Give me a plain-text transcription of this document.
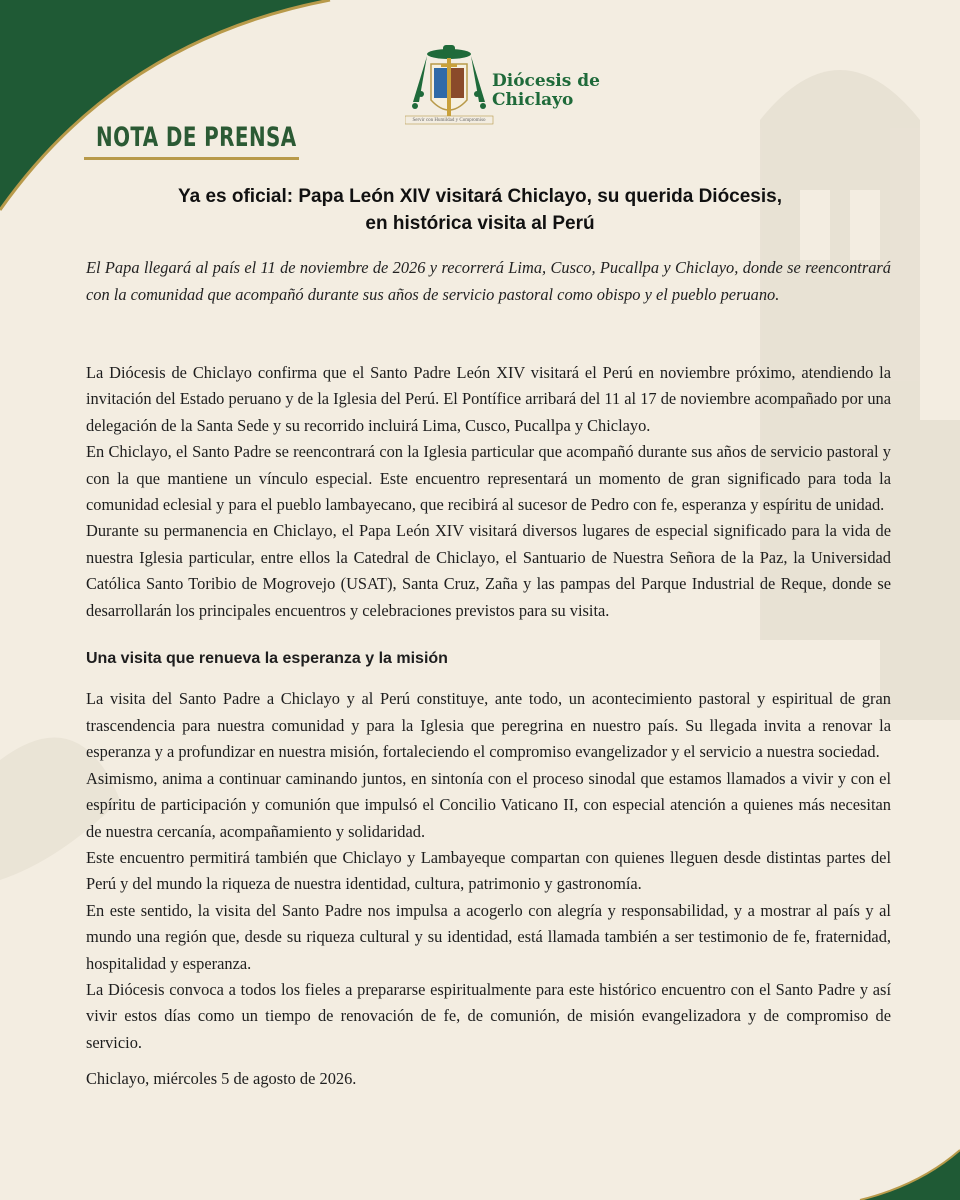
Diócesis de
Chiclayo
Servir con Humildad y Compromiso
NOTA DE PRENSA
Ya es oficial: Papa León XIV visitará Chiclayo, su querida Diócesis,
en histórica visita al Perú
El Papa llegará al país el 11 de noviembre de 2026 y recorrerá Lima, Cusco, Pucallpa y Chiclayo, donde se reencontrará con la comunidad que acompañó durante sus años de servicio pastoral como obispo y el pueblo peruano.

La Diócesis de Chiclayo confirma que el Santo Padre León XIV visitará el Perú en noviembre próximo, atendiendo la invitación del Estado peruano y de la Iglesia del Perú. El Pontífice arribará del 11 al 17 de noviembre acompañado por una delegación de la Santa Sede y su recorrido incluirá Lima, Cusco, Pucallpa y Chiclayo.

En Chiclayo, el Santo Padre se reencontrará con la Iglesia particular que acompañó durante sus años de servicio pastoral y con la que mantiene un vínculo especial. Este encuentro representará un momento de gran significado para toda la comunidad eclesial y para el pueblo lambayecano, que recibirá al sucesor de Pedro con fe, esperanza y espíritu de unidad.

Durante su permanencia en Chiclayo, el Papa León XIV visitará diversos lugares de especial significado para la vida de nuestra Iglesia particular, entre ellos la Catedral de Chiclayo, el Santuario de Nuestra Señora de la Paz, la Universidad Católica Santo Toribio de Mogrovejo (USAT), Santa Cruz, Zaña y las pampas del Parque Industrial de Reque, donde se desarrollarán los principales encuentros y celebraciones previstos para su visita.

Una visita que renueva la esperanza y la misión

La visita del Santo Padre a Chiclayo y al Perú constituye, ante todo, un acontecimiento pastoral y espiritual de gran trascendencia para nuestra comunidad y para la Iglesia que peregrina en nuestro país. Su llegada invita a renovar la esperanza y a profundizar en nuestra misión, fortaleciendo el compromiso evangelizador y el servicio a nuestra sociedad.

Asimismo, anima a continuar caminando juntos, en sintonía con el proceso sinodal que estamos llamados a vivir y con el espíritu de participación y comunión que impulsó el Concilio Vaticano II, con especial atención a quienes más necesitan de nuestra cercanía, acompañamiento y solidaridad.

Este encuentro permitirá también que Chiclayo y Lambayeque compartan con quienes lleguen desde distintas partes del Perú y del mundo la riqueza de nuestra identidad, cultura, patrimonio y gastronomía.

En este sentido, la visita del Santo Padre nos impulsa a acogerlo con alegría y responsabilidad, y a mostrar al país y al mundo una región que, desde su riqueza cultural y su identidad, está llamada también a ser testimonio de fe, fraternidad, hospitalidad y esperanza.

La Diócesis convoca a todos los fieles a prepararse espiritualmente para este histórico encuentro con el Santo Padre y así vivir estos días como un tiempo de renovación de fe, de comunión, de misión evangelizadora y de compromiso de servicio.

Chiclayo, miércoles 5 de agosto de 2026.
